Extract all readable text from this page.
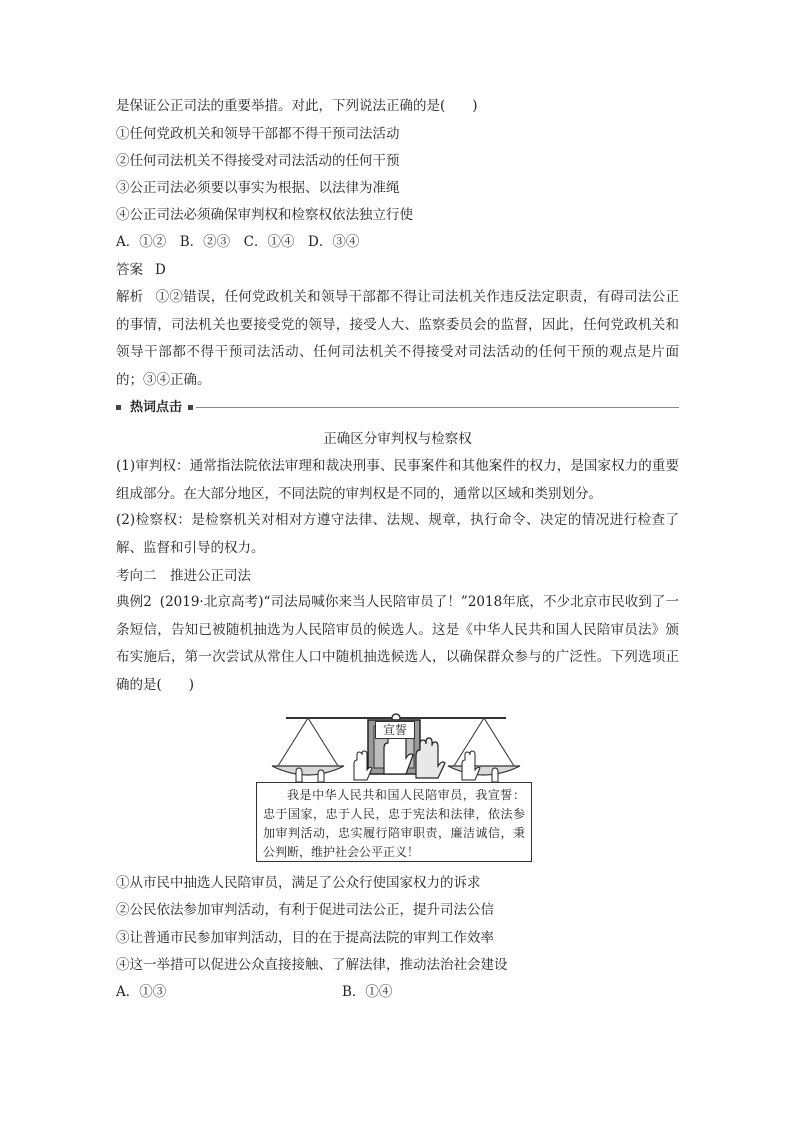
是保证公正司法的重要举措。对此，下列说法正确的是(　　)
①任何党政机关和领导干部都不得干预司法活动
②任何司法机关不得接受对司法活动的任何干预
③公正司法必须要以事实为根据、以法律为准绳
④公正司法必须确保审判权和检察权依法独立行使
A．①②　B．②③　C．①④　D．③④
答案 D
解析 ①②错误，任何党政机关和领导干部都不得让司法机关作违反法定职责，有碍司法公正的事情，司法机关也要接受党的领导，接受人大、监察委员会的监督，因此，任何党政机关和领导干部都不得干预司法活动、任何司法机关不得接受对司法活动的任何干预的观点是片面的；③④正确。
热词点击
正确区分审判权与检察权
(1)审判权：通常指法院依法审理和裁决刑事、民事案件和其他案件的权力，是国家权力的重要组成部分。在大部分地区，不同法院的审判权是不同的，通常以区域和类别划分。
(2)检察权：是检察机关对相对方遵守法律、法规、规章，执行命令、决定的情况进行检查了解、监督和引导的权力。
考向二　推进公正司法
典例2 (2019·北京高考)“司法局喊你来当人民陪审员了！”2018年底，不少北京市民收到了一条短信，告知已被随机抽选为人民陪审员的候选人。这是《中华人民共和国人民陪审员法》颁布实施后，第一次尝试从常住人口中随机抽选候选人，以确保群众参与的广泛性。下列选项正确的是(　　)
宣誓
我是中华人民共和国人民陪审员，我宣誓：忠于国家，忠于人民，忠于宪法和法律，依法参加审判活动，忠实履行陪审职责，廉洁诚信，秉公判断，维护社会公平正义！
①从市民中抽选人民陪审员，满足了公众行使国家权力的诉求
②公民依法参加审判活动，有利于促进司法公正，提升司法公信
③让普通市民参加审判活动，目的在于提高法院的审判工作效率
④这一举措可以促进公众直接接触、了解法律，推动法治社会建设
A．①③	B．①④
